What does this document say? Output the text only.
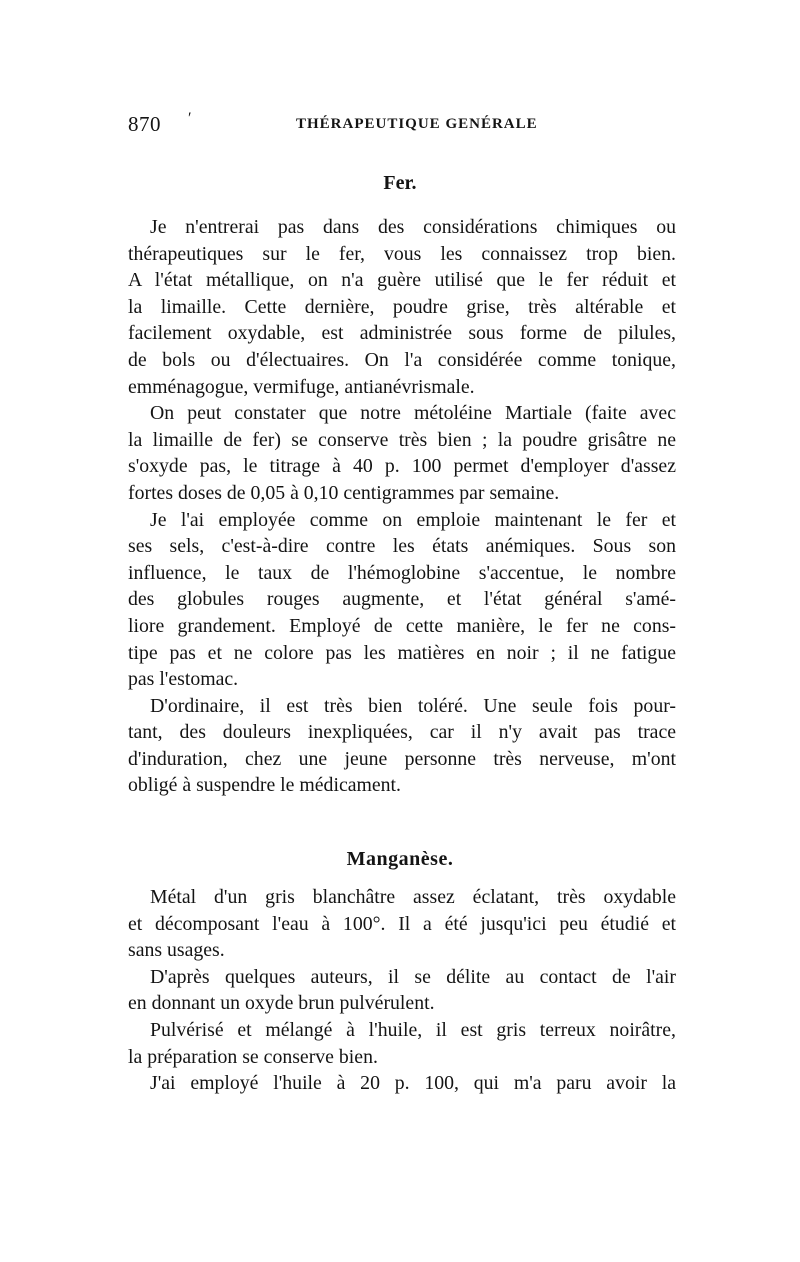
870 ′	THÉRAPEUTIQUE GENÉRALE
Fer.
Je n'entrerai pas dans des considérations chimiques ou
thérapeutiques sur le fer, vous les connaissez trop bien.
A l'état métallique, on n'a guère utilisé que le fer réduit et
la limaille. Cette dernière, poudre grise, très altérable et
facilement oxydable, est administrée sous forme de pilules,
de bols ou d'électuaires. On l'a considérée comme tonique,
emménagogue, vermifuge, antianévrismale.
On peut constater que notre métoléine Martiale (faite avec
la limaille de fer) se conserve très bien ; la poudre grisâtre ne
s'oxyde pas, le titrage à 40 p. 100 permet d'employer d'assez
fortes doses de 0,05 à 0,10 centigrammes par semaine.
Je l'ai employée comme on emploie maintenant le fer et
ses sels, c'est-à-dire contre les états anémiques. Sous son
influence, le taux de l'hémoglobine s'accentue, le nombre
des globules rouges augmente, et l'état général s'amé-
liore grandement. Employé de cette manière, le fer ne cons-
tipe pas et ne colore pas les matières en noir ; il ne fatigue
pas l'estomac.
D'ordinaire, il est très bien toléré. Une seule fois pour-
tant, des douleurs inexpliquées, car il n'y avait pas trace
d'induration, chez une jeune personne très nerveuse, m'ont
obligé à suspendre le médicament.
Manganèse.
Métal d'un gris blanchâtre assez éclatant, très oxydable
et décomposant l'eau à 100°. Il a été jusqu'ici peu étudié et
sans usages.
D'après quelques auteurs, il se délite au contact de l'air
en donnant un oxyde brun pulvérulent.
Pulvérisé et mélangé à l'huile, il est gris terreux noirâtre,
la préparation se conserve bien.
J'ai employé l'huile à 20 p. 100, qui m'a paru avoir la
